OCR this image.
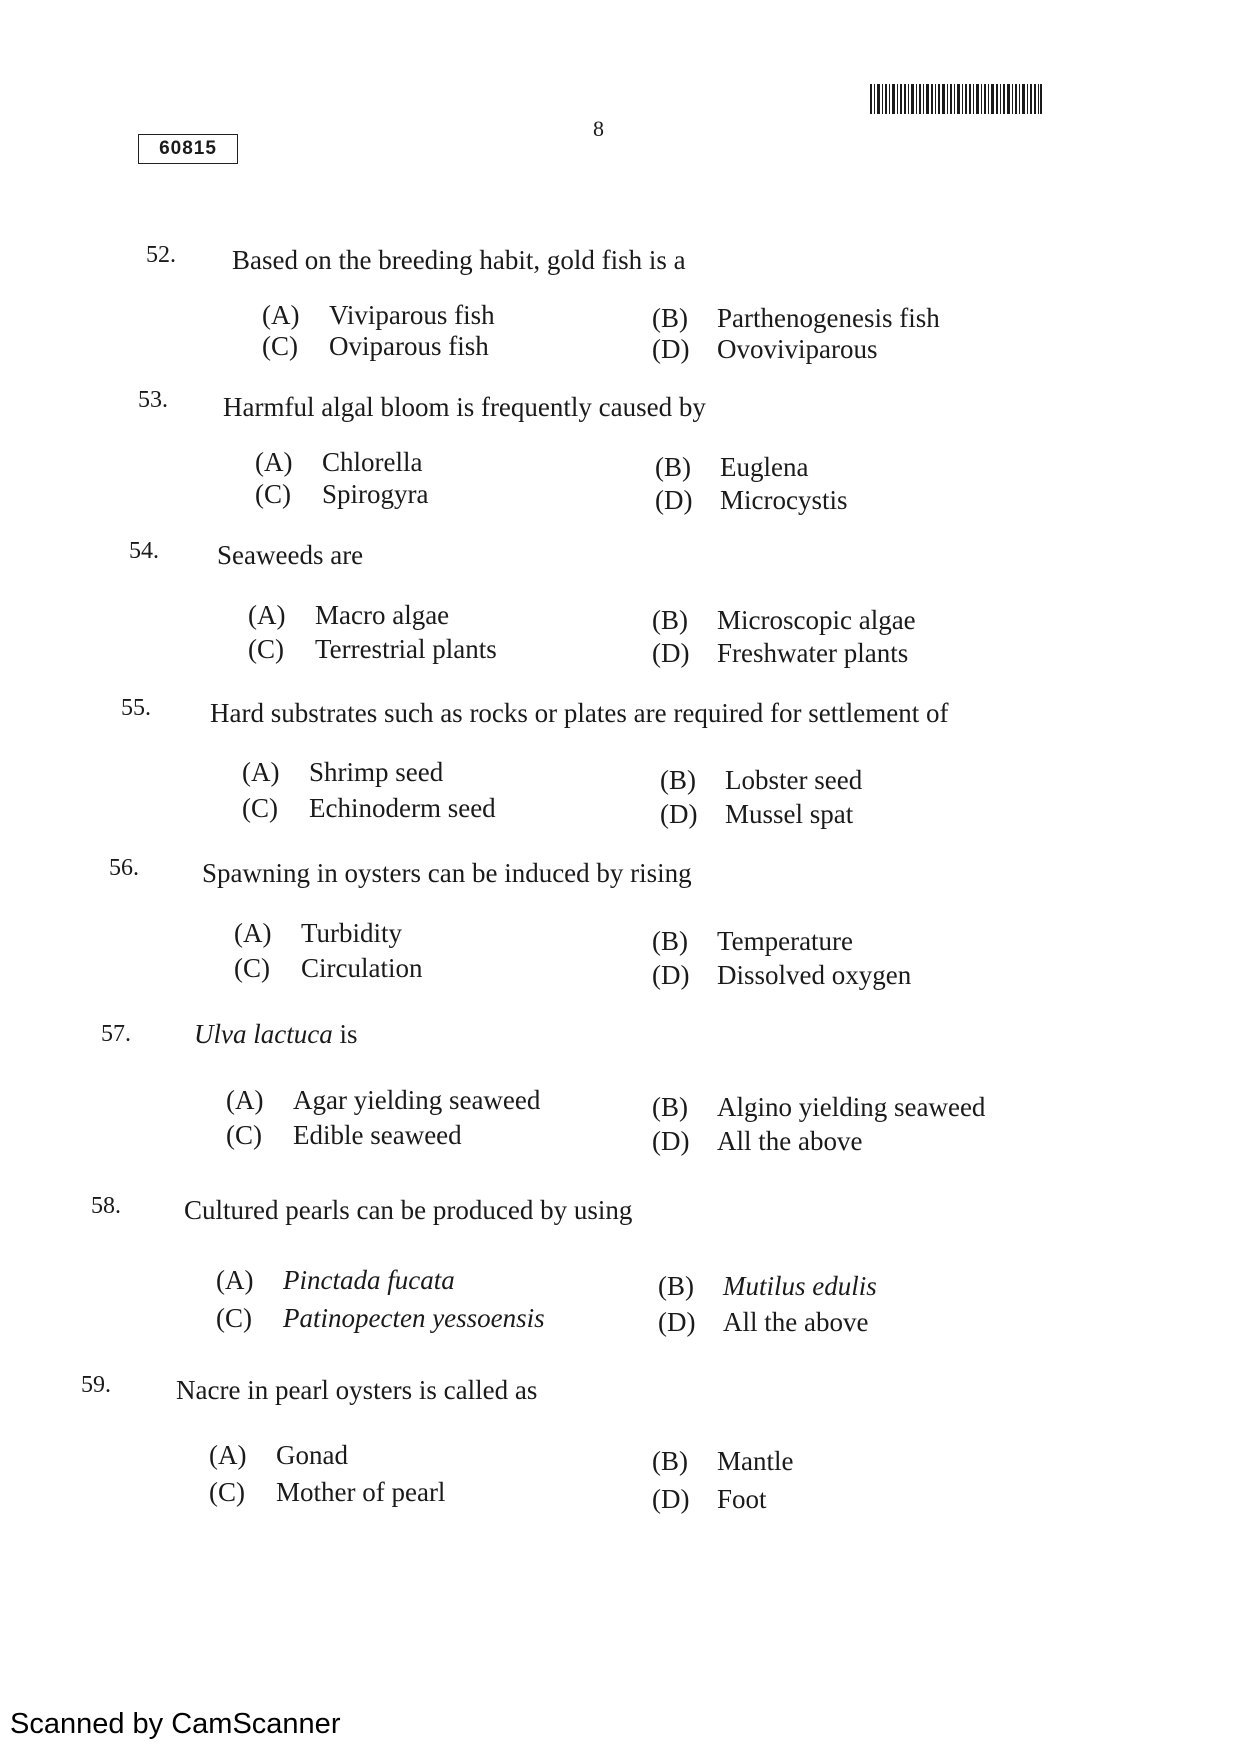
8
60815
52. Based on the breeding habit, gold fish is a
(A) Viviparous fish	(B) Parthenogenesis fish
(C) Oviparous fish	(D) Ovoviviparous
53. Harmful algal bloom is frequently caused by
(A) Chlorella	(B) Euglena
(C) Spirogyra	(D) Microcystis
54. Seaweeds are
(A) Macro algae	(B) Microscopic algae
(C) Terrestrial plants	(D) Freshwater plants
55. Hard substrates such as rocks or plates are required for settlement of
(A) Shrimp seed	(B) Lobster seed
(C) Echinoderm seed	(D) Mussel spat
56. Spawning in oysters can be induced by rising
(A) Turbidity	(B) Temperature
(C) Circulation	(D) Dissolved oxygen
57. Ulva lactuca is
(A) Agar yielding seaweed	(B) Algino yielding seaweed
(C) Edible seaweed	(D) All the above
58. Cultured pearls can be produced by using
(A) Pinctada fucata	(B) Mutilus edulis
(C) Patinopecten yessoensis	(D) All the above
59. Nacre in pearl oysters is called as
(A) Gonad	(B) Mantle
(C) Mother of pearl	(D) Foot
Scanned by CamScanner
